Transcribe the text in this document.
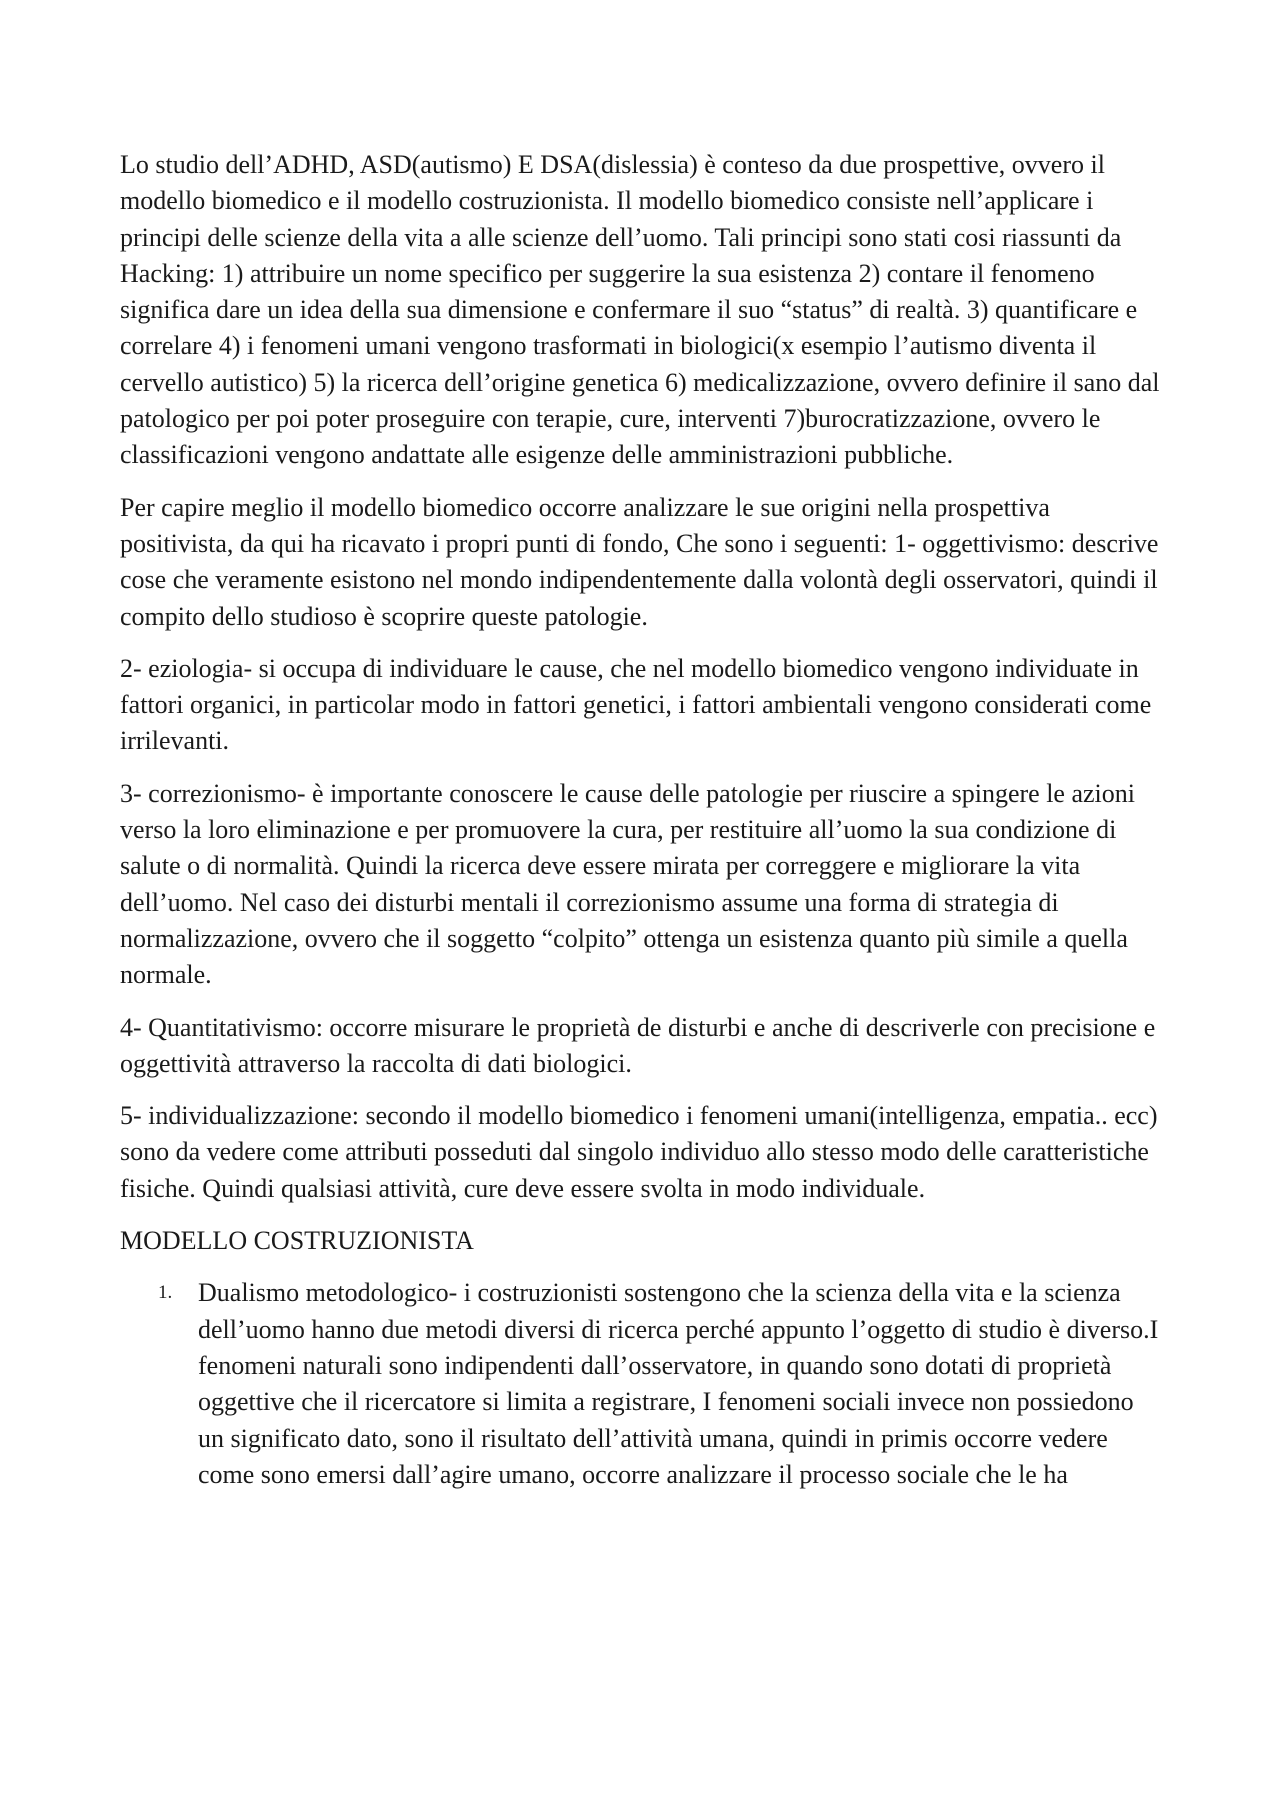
Lo studio dell’ADHD, ASD(autismo) E DSA(dislessia) è conteso da due prospettive, ovvero il modello biomedico e il modello costruzionista. Il modello biomedico consiste nell’applicare i principi delle scienze della vita a alle scienze dell’uomo. Tali principi sono stati cosi riassunti da Hacking: 1) attribuire un nome specifico per suggerire la sua esistenza 2) contare il fenomeno significa dare un idea della sua dimensione e confermare il suo “status” di realtà. 3) quantificare e correlare 4) i fenomeni umani vengono trasformati in biologici(x esempio l’autismo diventa il cervello autistico) 5) la ricerca dell’origine genetica 6) medicalizzazione, ovvero definire il sano dal patologico per poi poter proseguire con terapie, cure, interventi 7)burocratizzazione, ovvero le classificazioni vengono andattate alle esigenze delle amministrazioni pubbliche.

Per capire meglio il modello biomedico occorre analizzare le sue origini nella prospettiva positivista, da qui ha ricavato i propri punti di fondo, Che sono i seguenti: 1- oggettivismo: descrive cose che veramente esistono nel mondo indipendentemente dalla volontà degli osservatori, quindi il compito dello studioso è scoprire queste patologie.

2- eziologia- si occupa di individuare le cause, che nel modello biomedico vengono individuate in fattori organici, in particolar modo in fattori genetici, i fattori ambientali vengono considerati come irrilevanti.

3- correzionismo- è importante conoscere le cause delle patologie per riuscire a spingere le azioni verso la loro eliminazione e per promuovere la cura, per restituire all’uomo la sua condizione di salute o di normalità. Quindi la ricerca deve essere mirata per correggere e migliorare la vita dell’uomo. Nel caso dei disturbi mentali il correzionismo assume una forma di strategia di normalizzazione, ovvero che il soggetto “colpito” ottenga un esistenza quanto più simile a quella normale.

4- Quantitativismo: occorre misurare le proprietà de disturbi e anche di descriverle con precisione e oggettività attraverso la raccolta di dati biologici.

5- individualizzazione: secondo il modello biomedico i fenomeni umani(intelligenza, empatia.. ecc) sono da vedere come attributi posseduti dal singolo individuo allo stesso modo delle caratteristiche fisiche. Quindi qualsiasi attività, cure deve essere svolta in modo individuale.

MODELLO COSTRUZIONISTA
1. Dualismo metodologico- i costruzionisti sostengono che la scienza della vita e la scienza dell’uomo hanno due metodi diversi di ricerca perché appunto l’oggetto di studio è diverso.I fenomeni naturali sono indipendenti dall’osservatore, in quando sono dotati di proprietà oggettive che il ricercatore si limita a registrare, I fenomeni sociali invece non possiedono un significato dato, sono il risultato dell’attività umana, quindi in primis occorre vedere come sono emersi dall’agire umano, occorre analizzare il processo sociale che le ha
